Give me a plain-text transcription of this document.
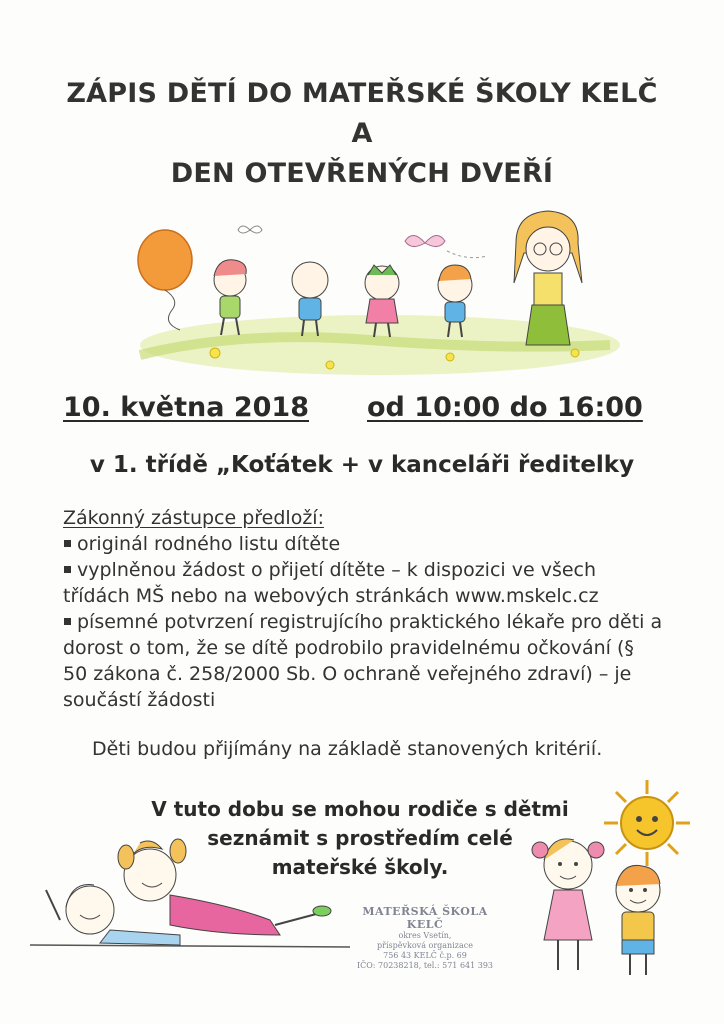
ZÁPIS DĚTÍ DO MATEŘSKÉ ŠKOLY KELČ
A
DEN OTEVŘENÝCH DVEŘÍ
10. května 2018 od 10:00 do 16:00
v 1. třídě „Koťátek + v kanceláři ředitelky
Zákonný zástupce předloží:
originál rodného listu dítěte
vyplněnou žádost o přijetí dítěte – k dispozici ve všech třídách MŠ nebo na webových stránkách www.mskelc.cz
písemné potvrzení registrujícího praktického lékaře pro děti a dorost o tom, že se dítě podrobilo pravidelnému očkování (§ 50 zákona č. 258/2000 Sb. O ochraně veřejného zdraví) – je součástí žádosti
Děti budou přijímány na základě stanovených kritérií.
V tuto dobu se mohou rodiče s dětmi
seznámit s prostředím celé
mateřské školy.
MATEŘSKÁ ŠKOLA KELČ
okres Vsetín,
příspěvková organizace
756 43 KELČ č.p. 69
IČO: 70238218, tel.: 571 641 393
